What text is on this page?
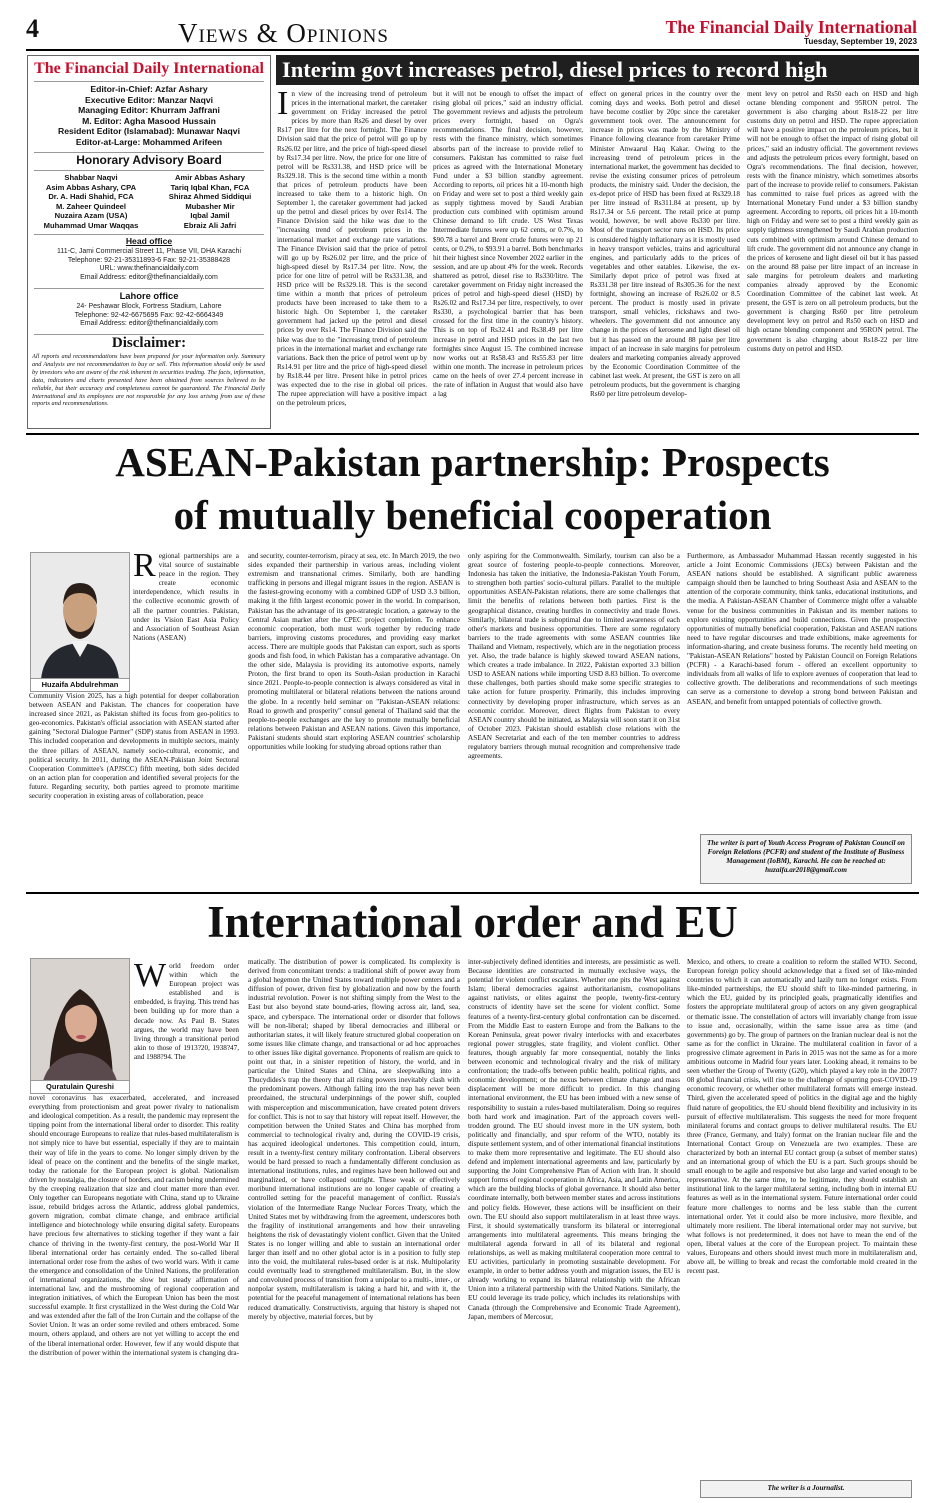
4	Views & Opinions	The Financial Daily International
Tuesday, September 19, 2023
The Financial Daily International
Editor-in-Chief: Azfar Ashary
Executive Editor: Manzar Naqvi
Managing Editor: Khurram Jaffrani
M. Editor: Agha Masood Hussain
Resident Editor (Islamabad): Munawar Naqvi
Editor-at-Large: Mohammed Arifeen
Honorary Advisory Board
Shabbar Naqvi
Asim Abbas Ashary, CPA
Dr. A. Hadi Shahid, FCA
M. Zaheer Quindeel
Nuzaira Azam (USA)
Muhammad Umar Waqqas
Amir Abbas Ashary
Tariq Iqbal Khan, FCA
Shiraz Ahmed Siddiqui
Mubasher Mir
Iqbal Jamil
Ebraiz Ali Jafri
Head office
111-C, Jami Commercial Street 11, Phase VII, DHA Karachi
Telephone: 92-21-35311893-6 Fax: 92-21-35388428
URL: www.thefinancialdaily.com
Email Address: editor@thefinancialdaily.com
Lahore office
24- Peshawar Block, Fortress Stadium, Lahore
Telephone: 92-42-6675695 Fax: 92-42-6664349
Email Address: editor@thefinancialdaily.com
Disclaimer:
All reports and recommendations have been prepared for your information only. Summary and Analysis are not recommendation to buy or sell. This information should only be used by investors who are aware of the risk inherent in securities trading. The facts, information, data, indicators and charts presented have been obtained from sources believed to be reliable, but their accuracy and completeness cannot be guaranteed. The Financial Daily International and its employees are not responsible for any loss arising from use of these reports and recommendations.
Interim govt increases petrol, diesel prices to record high
In view of the increasing trend of petroleum prices in the international market, the caretaker government on Friday increased the petrol prices by more than Rs26 and diesel by over Rs17 per litre for the next fortnight. The Finance Division said that the price of petrol will go up by Rs26.02 per litre, and the price of high-speed diesel by Rs17.34 per litre. Now, the price for one litre of petrol will be Rs331.38, and HSD price will be Rs329.18. This is the second time within a month that prices of petroleum products have been increased to take them to a historic high. On September 1, the caretaker government had jacked up the petrol and diesel prices by over Rs14. The Finance Division said the hike was due to the "increasing trend of petroleum prices in the international market and exchange rate variations. The Finance Division said that the price of petrol will go up by Rs26.02 per litre, and the price of high-speed diesel by Rs17.34 per litre. Now, the price for one litre of petrol will be Rs331.38, and HSD price will be Rs329.18. This is the second time within a month that prices of petroleum products have been increased to take them to a historic high. On September 1, the caretaker government had jacked up the petrol and diesel prices by over Rs14. The Finance Division said the hike was due to the "increasing trend of petroleum prices in the international market and exchange rate variations. Back then the price of petrol went up by Rs14.91 per litre and the price of high-speed diesel by Rs18.44 per litre. Present hike in petrol prices was expected due to the rise in global oil prices. The rupee appreciation will have a positive impact on the petroleum prices,
but it will not be enough to offset the impact of rising global oil prices," said an industry official. The government reviews and adjusts the petroleum prices every fortnight, based on Ogra's recommendations. The final decision, however, rests with the finance ministry, which sometimes absorbs part of the increase to provide relief to consumers. Pakistan has committed to raise fuel prices as agreed with the International Monetary Fund under a $3 billion standby agreement. According to reports, oil prices hit a 10-month high on Friday and were set to post a third weekly gain as supply tightness moved by Saudi Arabian production cuts combined with optimism around Chinese demand to lift crude. US West Texas Intermediate futures were up 62 cents, or 0.7%, to $90.78 a barrel and Brent crude futures were up 21 cents, or 0.2%, to $93.91 a barrel. Both benchmarks hit their highest since November 2022 earlier in the session, and are up about 4% for the week. Records shattered as petrol, diesel rise to Rs330/litre. The caretaker government on Friday night increased the prices of petrol and high-speed diesel (HSD) by Rs26.02 and Rs17.34 per litre, respectively, to over Rs330, a psychological barrier that has been crossed for the first time in the country's history. This is on top of Rs32.41 and Rs38.49 per litre increase in petrol and HSD prices in the last two fortnights since August 15. The combined increase now works out at Rs58.43 and Rs55.83 per litre within one month. The increase in petroleum prices came on the heels of over 27.4 percent increase in the rate of inflation in August that would also have a lag
effect on general prices in the country over the coming days and weeks. Both petrol and diesel have become costlier by 20pc since the caretaker government took over. The announcement for increase in prices was made by the Ministry of Finance following clearance from caretaker Prime Minister Anwaarul Haq Kakar. Owing to the increasing trend of petroleum prices in the international market, the government has decided to revise the existing consumer prices of petroleum products, the ministry said. Under the decision, the ex-depot price of HSD has been fixed at Rs329.18 per litre instead of Rs311.84 at present, up by Rs17.34 or 5.6 percent. The retail price at pump would, however, be well above Rs330 per litre. Most of the transport sector runs on HSD. Its price is considered highly inflationary as it is mostly used in heavy transport vehicles, trains and agricultural engines, and particularly adds to the prices of vegetables and other eatables. Likewise, the ex-Similarly depot price of petrol was fixed at Rs331.38 per litre instead of Rs305.36 for the next fortnight, showing an increase of Rs26.02 or 8.5 percent. The product is mostly used in private transport, small vehicles, rickshaws and two-wheelers. The government did not announce any change in the prices of kerosene and light diesel oil but it has passed on the around 88 paise per litre impact of an increase in sale margins for petroleum dealers and marketing companies already approved by the Economic Coordination Committee of the cabinet last week. At present, the GST is zero on all petroleum products, but the government is charging Rs60 per litre petroleum develop-
ment levy on petrol and Rs50 each on HSD and high octane blending component and 95RON petrol. The government is also charging about Rs18-22 per litre customs duty on petrol and HSD. The rupee appreciation will have a positive impact on the petroleum prices, but it will not be enough to offset the impact of rising global oil prices," said an industry official. The government reviews and adjusts the petroleum prices every fortnight, based on Ogra's recommendations. The final decision, however, rests with the finance ministry, which sometimes absorbs part of the increase to provide relief to consumers. Pakistan has committed to raise fuel prices as agreed with the International Monetary Fund under a $3 billion standby agreement. According to reports, oil prices hit a 10-month high on Friday and were set to post a third weekly gain as supply tightness strengthened by Saudi Arabian production cuts combined with optimism around Chinese demand to lift crude. The government did not announce any change in the prices of kerosene and light diesel oil but it has passed on the around 88 paise per litre impact of an increase in sale margins for petroleum dealers and marketing companies already approved by the Economic Coordination Committee of the cabinet last week. At present, the GST is zero on all petroleum products, but the government is charging Rs60 per litre petroleum development levy on petrol and Rs50 each on HSD and high octane blending component and 95RON petrol. The government is also charging about Rs18-22 per litre customs duty on petrol and HSD.
ASEAN-Pakistan partnership: Prospects
of mutually beneficial cooperation
Huzaifa Abdulrehman
Regional partnerships are a vital source of sustainable peace in the region. They create economic interdependence, which results in the collective economic growth of all the partner countries. Pakistan, under its Vision East Asia Policy and Association of Southeast Asian Nations (ASEAN)
Community Vision 2025, has a high potential for deeper collaboration between ASEAN and Pakistan. The chances for cooperation have increased since 2021, as Pakistan shifted its focus from geo-politics to geo-economics. Pakistan's official association with ASEAN started after gaining "Sectoral Dialogue Partner" (SDP) status from ASEAN in 1993. This included cooperation and developments in multiple sectors, mainly the three pillars of ASEAN, namely socio-cultural, economic, and political security. In 2011, during the ASEAN-Pakistan Joint Sectoral Cooperation Committee's (APJSCC) fifth meeting, both sides decided on an action plan for cooperation and identified several projects for the future. Regarding security, both parties agreed to promote maritime security cooperation in existing areas of collaboration, peace
and security, counter-terrorism, piracy at sea, etc. In March 2019, the two sides expanded their partnership in various areas, including violent extremism and transnational crimes. Similarly, both are handling trafficking in persons and illegal migrant issues in the region. ASEAN is the fastest-growing economy with a combined GDP of USD 3.3 billion, making it the fifth largest economic power in the world. In comparison, Pakistan has the advantage of its geo-strategic location, a gateway to the Central Asian market after the CPEC project completion. To enhance economic cooperation, both must work together by reducing trade barriers, improving customs procedures, and providing easy market access. There are multiple goods that Pakistan can export, such as sports goods and fish food, in which Pakistan has a comparative advantage. On the other side, Malaysia is providing its automotive exports, namely Proton, the first brand to open its South-Asian production in Karachi since 2021. People-to-people connection is always considered as vital in promoting multilateral or bilateral relations between the nations around the globe. In a recently held seminar on "Pakistan-ASEAN relations: Road to growth and prosperity" consul general of Thailand said that the people-to-people exchanges are the key to promote mutually beneficial relations between Pakistan and ASEAN nations. Given this importance, Pakistani students should start exploring ASEAN countries' scholarship opportunities while looking for studying abroad options rather than
only aspiring for the Commonwealth. Similarly, tourism can also be a great source of fostering people-to-people connections. Moreover, Indonesia has taken the initiative, the Indonesia-Pakistan Youth Forum, to strengthen both parties' socio-cultural pillars. Parallel to the multiple opportunities ASEAN-Pakistan relations, there are some challenges that limit the benefits of relations between both parties. First is the geographical distance, creating hurdles in connectivity and trade flows. Similarly, bilateral trade is suboptimal due to limited awareness of each other's markets and business opportunities. There are some regulatory barriers to the trade agreements with some ASEAN countries like Thailand and Vietnam, respectively, which are in the negotiation process yet. Also, the trade balance is highly skewed toward ASEAN nations, which creates a trade imbalance. In 2022, Pakistan exported 3.3 billion USD to ASEAN nations while importing USD 8.83 billion. To overcome these challenges, both parties should make some specific strategies to take action for future prosperity. Primarily, this includes improving connectivity by developing proper infrastructure, which serves as an economic corridor. Moreover, direct flights from Pakistan to every ASEAN country should be initiated, as Malaysia will soon start it on 31st of October 2023. Pakistan should establish close relations with the ASEAN Secretariat and each of the ten member countries to address regulatory barriers through mutual recognition and comprehensive trade agreements.
Furthermore, as Ambassador Muhammad Hassan recently suggested in his article a Joint Economic Commissions (JECs) between Pakistan and the ASEAN nations should be established. A significant public awareness campaign should then be launched to bring Southeast Asia and ASEAN to the attention of the corporate community, think tanks, educational institutions, and the media. A Pakistan-ASEAN Chamber of Commerce might offer a valuable venue for the business communities in Pakistan and its member nations to explore existing opportunities and build connections. Given the prospective opportunities of mutually beneficial cooperation, Pakistan and ASEAN nations need to have regular discourses and trade exhibitions, make agreements for information-sharing, and create business forums. The recently held meeting on "Pakistan-ASEAN Relations" hosted by Pakistan Council on Foreign Relations (PCFR) - a Karachi-based forum - offered an excellent opportunity to individuals from all walks of life to explore avenues of cooperation that lead to collective growth. The deliberations and recommendations of such meetings can serve as a cornerstone to develop a strong bond between Pakistan and ASEAN, and benefit from untapped potentials of collective growth.
The writer is part of Youth Access Program of Pakistan Council on Foreign Relations (PCFR) and student of the Institute of Business Management (IoBM), Karachi. He can be reached at: huzaifa.ar2018@gmail.com
International order and EU
Quratulain Qureshi
World freedom order within which the European project was established and is embedded, is fraying. This trend has been building up for more than a decade now. As Paul B. States argues, the world may have been living through a transitional period akin to those of 1913?20, 1938?47, and 1988?94. The
novel coronavirus has exacerbated, accelerated, and increased everything from protectionism and great power rivalry to nationalism and ideological competition. As a result, the pandemic may represent the tipping point from the international liberal order to disorder. This reality should encourage Europeans to realize that rules-based multilateralism is not simply nice to have but essential, especially if they are to maintain their way of life in the years to come. No longer simply driven by the ideal of peace on the continent and the benefits of the single market, today the rationale for the European project is global. Nationalism driven by nostalgia, the closure of borders, and racism being undermined by the creeping realization that size and clout matter more than ever. Only together can Europeans negotiate with China, stand up to Ukraine issue, rebuild bridges across the Atlantic, address global pandemics, govern migration, combat climate change, and embrace artificial intelligence and biotechnology while ensuring digital safety. Europeans have precious few alternatives to sticking together if they want a fair chance of thriving in the twenty-first century, the post-World War II liberal international order has certainly ended. The so-called liberal international order rose from the ashes of two world wars. With it came the emergence and consolidation of the United Nations, the proliferation of international organizations, the slow but steady affirmation of international law, and the mushrooming of regional cooperation and integration initiatives, of which the European Union has been the most successful example. It first crystallized in the West during the Cold War and was extended after the fall of the Iron Curtain and the collapse of the Soviet Union. It was an order some reviled and others embraced. Some mourn, others applaud, and others are not yet willing to accept the end of the liberal international order. However, few if any would dispute that the distribution of power within the international system is changing dra-
matically. The distribution of power is complicated. Its complexity is derived from concomitant trends: a traditional shift of power away from a global hegemon the United States toward multiple power centers and a diffusion of power, driven first by globalization and now by the fourth industrial revolution. Power is not shifting simply from the West to the East but also beyond state bound-aries, flowing across air, land, sea, space, and cyberspace. The international order or disorder that follows will be non-liberal; shaped by liberal democracies and illiberal or authoritarian states, it will likely feature structured global cooperation on some issues like climate change, and transactional or ad hoc approaches to other issues like digital governance. Proponents of realism are quick to point out that, in a sinister repetition of history, the world, and in particular the United States and China, are sleepwalking into a Thucydides's trap the theory that all rising powers inevitably clash with the predominant powers. Although falling into the trap has never been preordained, the structural underpinnings of the power shift, coupled with misperception and miscommunication, have created potent drivers for conflict. This is not to say that history will repeat itself. However, the competition between the United States and China has morphed from commercial to technological rivalry and, during the COVID-19 crisis, has acquired ideological undertones. This competition could, inturn, result in a twenty-first century military confrontation. Liberal observers would be hard pressed to reach a fundamentally different conclusion as international institutions, rules, and regimes have been hollowed out and marginalized, or have collapsed outright. These weak or effectively moribund international institutions are no longer capable of creating a controlled setting for the peaceful management of conflict. Russia's violation of the Intermediate Range Nuclear Forces Treaty, which the United States met by withdrawing from the agreement, underscores both the fragility of institutional arrangements and how their unraveling heightens the risk of devastatingly violent conflict. Given that the United States is no longer willing and able to sustain an international order larger than itself and no other global actor is in a position to fully step into the void, the multilateral rules-based order is at risk. Multipolarity could eventually lead to strengthened multilateralism. But, in the slow and convoluted process of transition from a unipolar to a multi-, inter-, or nonpolar system, multilateralism is taking a hard hit, and with it, the potential for the peaceful management of international relations has been reduced dramatically. Constructivists, arguing that history is shaped not merely by objective, material forces, but by
inter-subjectively defined identities and interests, are pessimistic as well. Because identities are constructed in mutually exclusive ways, the potential for violent conflict escalates. Whether one pits the West against Islam; liberal democracies against authoritarianism, cosmopolitans against nativists, or elites against the people, twenty-first-century constructs of identity have set the scene for violent conflict. Some features of a twenty-first-century global confrontation can be discerned. From the Middle East to eastern Europe and from the Balkans to the Korean Peninsula, great power rivalry interlocks with and exacerbates regional power struggles, state fragility, and violent conflict. Other features, though arguably far more consequential, notably the links between economic and technological rivalry and the risk of military confrontation; the trade-offs between public health, political rights, and economic development; or the nexus between climate change and mass displacement will be more difficult to predict. In this changing international environment, the EU has been imbued with a new sense of responsibility to sustain a rules-based multilateralism. Doing so requires both hard work and imagination. Part of the approach covers well-trodden ground. The EU should invest more in the UN system, both politically and financially, and spur reform of the WTO, notably its dispute settlement system, and of other international financial institutions to make them more representative and legitimate. The EU should also defend and implement international agreements and law, particularly by supporting the Joint Comprehensive Plan of Action with Iran. It should support forms of regional cooperation in Africa, Asia, and Latin America, which are the building blocks of global governance. It should also better coordinate internally, both between member states and across institutions and policy fields. However, these actions will be insufficient on their own. The EU should also support multilateralism in at least three ways. First, it should systematically transform its bilateral or interregional arrangements into multilateral agreements. This means bringing the multilateral agenda forward in all of its bilateral and regional relationships, as well as making multilateral cooperation more central to EU activities, particularly in promoting sustainable development. For example, in order to better address youth and migration issues, the EU is already working to expand its bilateral relationship with the African Union into a trilateral partnership with the United Nations. Similarly, the EU could leverage its trade policy, which includes its relationships with Canada (through the Comprehensive and Economic Trade Agreement), Japan, members of Mercosur,
Mexico, and others, to create a coalition to reform the stalled WTO. Second, European foreign policy should acknowledge that a fixed set of like-minded countries to which it can automatically and lazily turn no longer exists. From like-minded partnerships, the EU should shift to like-minded partnering, in which the EU, guided by its principled goals, pragmatically identifies and fosters the appropriate multilateral group of actors on any given geographical or thematic issue. The constellation of actors will invariably change from issue to issue and, occasionally, within the same issue area as time (and governments) go by. The group of partners on the Iranian nuclear deal is not the same as for the conflict in Ukraine. The multilateral coalition in favor of a progressive climate agreement in Paris in 2015 was not the same as for a more ambitious outcome in Madrid four years later. Looking ahead, it remains to be seen whether the Group of Twenty (G20), which played a key role in the 2007?08 global financial crisis, will rise to the challenge of spurring post-COVID-19 economic recovery, or whether other multilateral formats will emerge instead. Third, given the accelerated speed of politics in the digital age and the highly fluid nature of geopolitics, the EU should blend flexibility and inclusivity in its pursuit of effective multilateralism. This suggests the need for more frequent minilateral forums and contact groups to deliver multilateral results. The EU three (France, Germany, and Italy) format on the Iranian nuclear file and the International Contact Group on Venezuela are two examples. These are characterized by both an internal EU contact group (a subset of member states) and an international group of which the EU is a part. Such groups should be small enough to be agile and responsive but also large and varied enough to be representative. At the same time, to be legitimate, they should establish an institutional link to the larger multilateral setting, including both in internal EU features as well as in the international system. Future international order could feature more challenges to norms and be less stable than the current international order. Yet it could also be more inclusive, more flexible, and ultimately more resilient. The liberal international order may not survive, but what follows is not predetermined, it does not have to mean the end of the open, liberal values at the core of the European project. To maintain these values, Europeans and others should invest much more in multilateralism and, above all, be willing to break and recast the comfortable mold created in the recent past.
The writer is a Journalist.
